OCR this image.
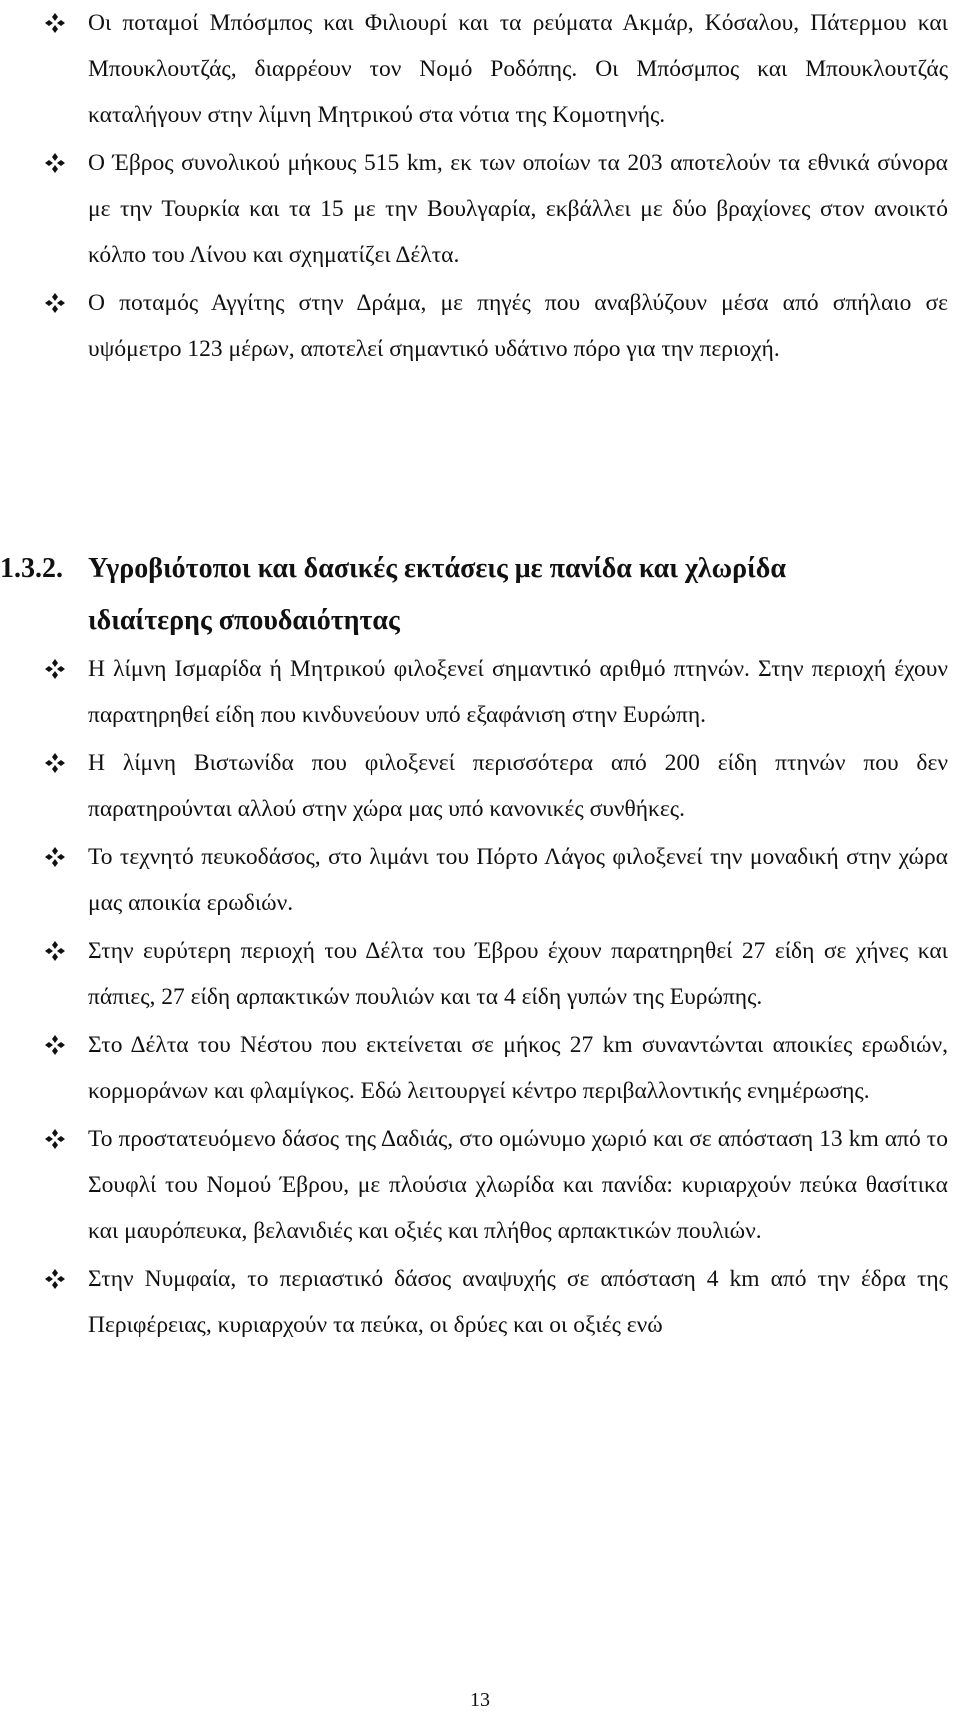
Οι ποταμοί Μπόσμπος και Φιλιουρί και τα ρεύματα Ακμάρ, Κόσαλου, Πάτερμου και Μπουκλουτζάς, διαρρέουν τον Νομό Ροδόπης. Οι Μπόσμπος και Μπουκλουτζάς καταλήγουν στην λίμνη Μητρικού στα νότια της Κομοτηνής.
Ο Έβρος συνολικού μήκους 515 km, εκ των οποίων τα 203 αποτελούν τα εθνικά σύνορα με την Τουρκία και τα 15 με την Βουλγαρία, εκβάλλει με δύο βραχίονες στον ανοικτό κόλπο του Λίνου και σχηματίζει Δέλτα.
Ο ποταμός Αγγίτης στην Δράμα, με πηγές που αναβλύζουν μέσα από σπήλαιο σε υψόμετρο 123 μέρων, αποτελεί σημαντικό υδάτινο πόρο για την περιοχή.
1.3.2. Υγροβιότοποι και δασικές εκτάσεις με πανίδα και χλωρίδα
ιδιαίτερης σπουδαιότητας
Η λίμνη Ισμαρίδα ή Μητρικού φιλοξενεί σημαντικό αριθμό πτηνών. Στην περιοχή έχουν παρατηρηθεί είδη που κινδυνεύουν υπό εξαφάνιση στην Ευρώπη.
Η λίμνη Βιστωνίδα που φιλοξενεί περισσότερα από 200 είδη πτηνών που δεν παρατηρούνται αλλού στην χώρα μας υπό κανονικές συνθήκες.
Το τεχνητό πευκοδάσος, στο λιμάνι του Πόρτο Λάγος φιλοξενεί την μοναδική στην χώρα μας αποικία ερωδιών.
Στην ευρύτερη περιοχή του Δέλτα του Έβρου έχουν παρατηρηθεί 27 είδη σε χήνες και πάπιες, 27 είδη αρπακτικών πουλιών και τα 4 είδη γυπών της Ευρώπης.
Στο Δέλτα του Νέστου που εκτείνεται σε μήκος 27 km συναντώνται αποικίες ερωδιών, κορμοράνων και φλαμίγκος. Εδώ λειτουργεί κέντρο περιβαλλοντικής ενημέρωσης.
Το προστατευόμενο δάσος της Δαδιάς, στο ομώνυμο χωριό και σε απόσταση 13 km από το Σουφλί του Νομού Έβρου, με πλούσια χλωρίδα και πανίδα: κυριαρχούν πεύκα θασίτικα και μαυρόπευκα, βελανιδιές και οξιές και πλήθος αρπακτικών πουλιών.
Στην Νυμφαία, το περιαστικό δάσος αναψυχής σε απόσταση 4 km από την έδρα της Περιφέρειας, κυριαρχούν τα πεύκα, οι δρύες και οι οξιές ενώ
13
